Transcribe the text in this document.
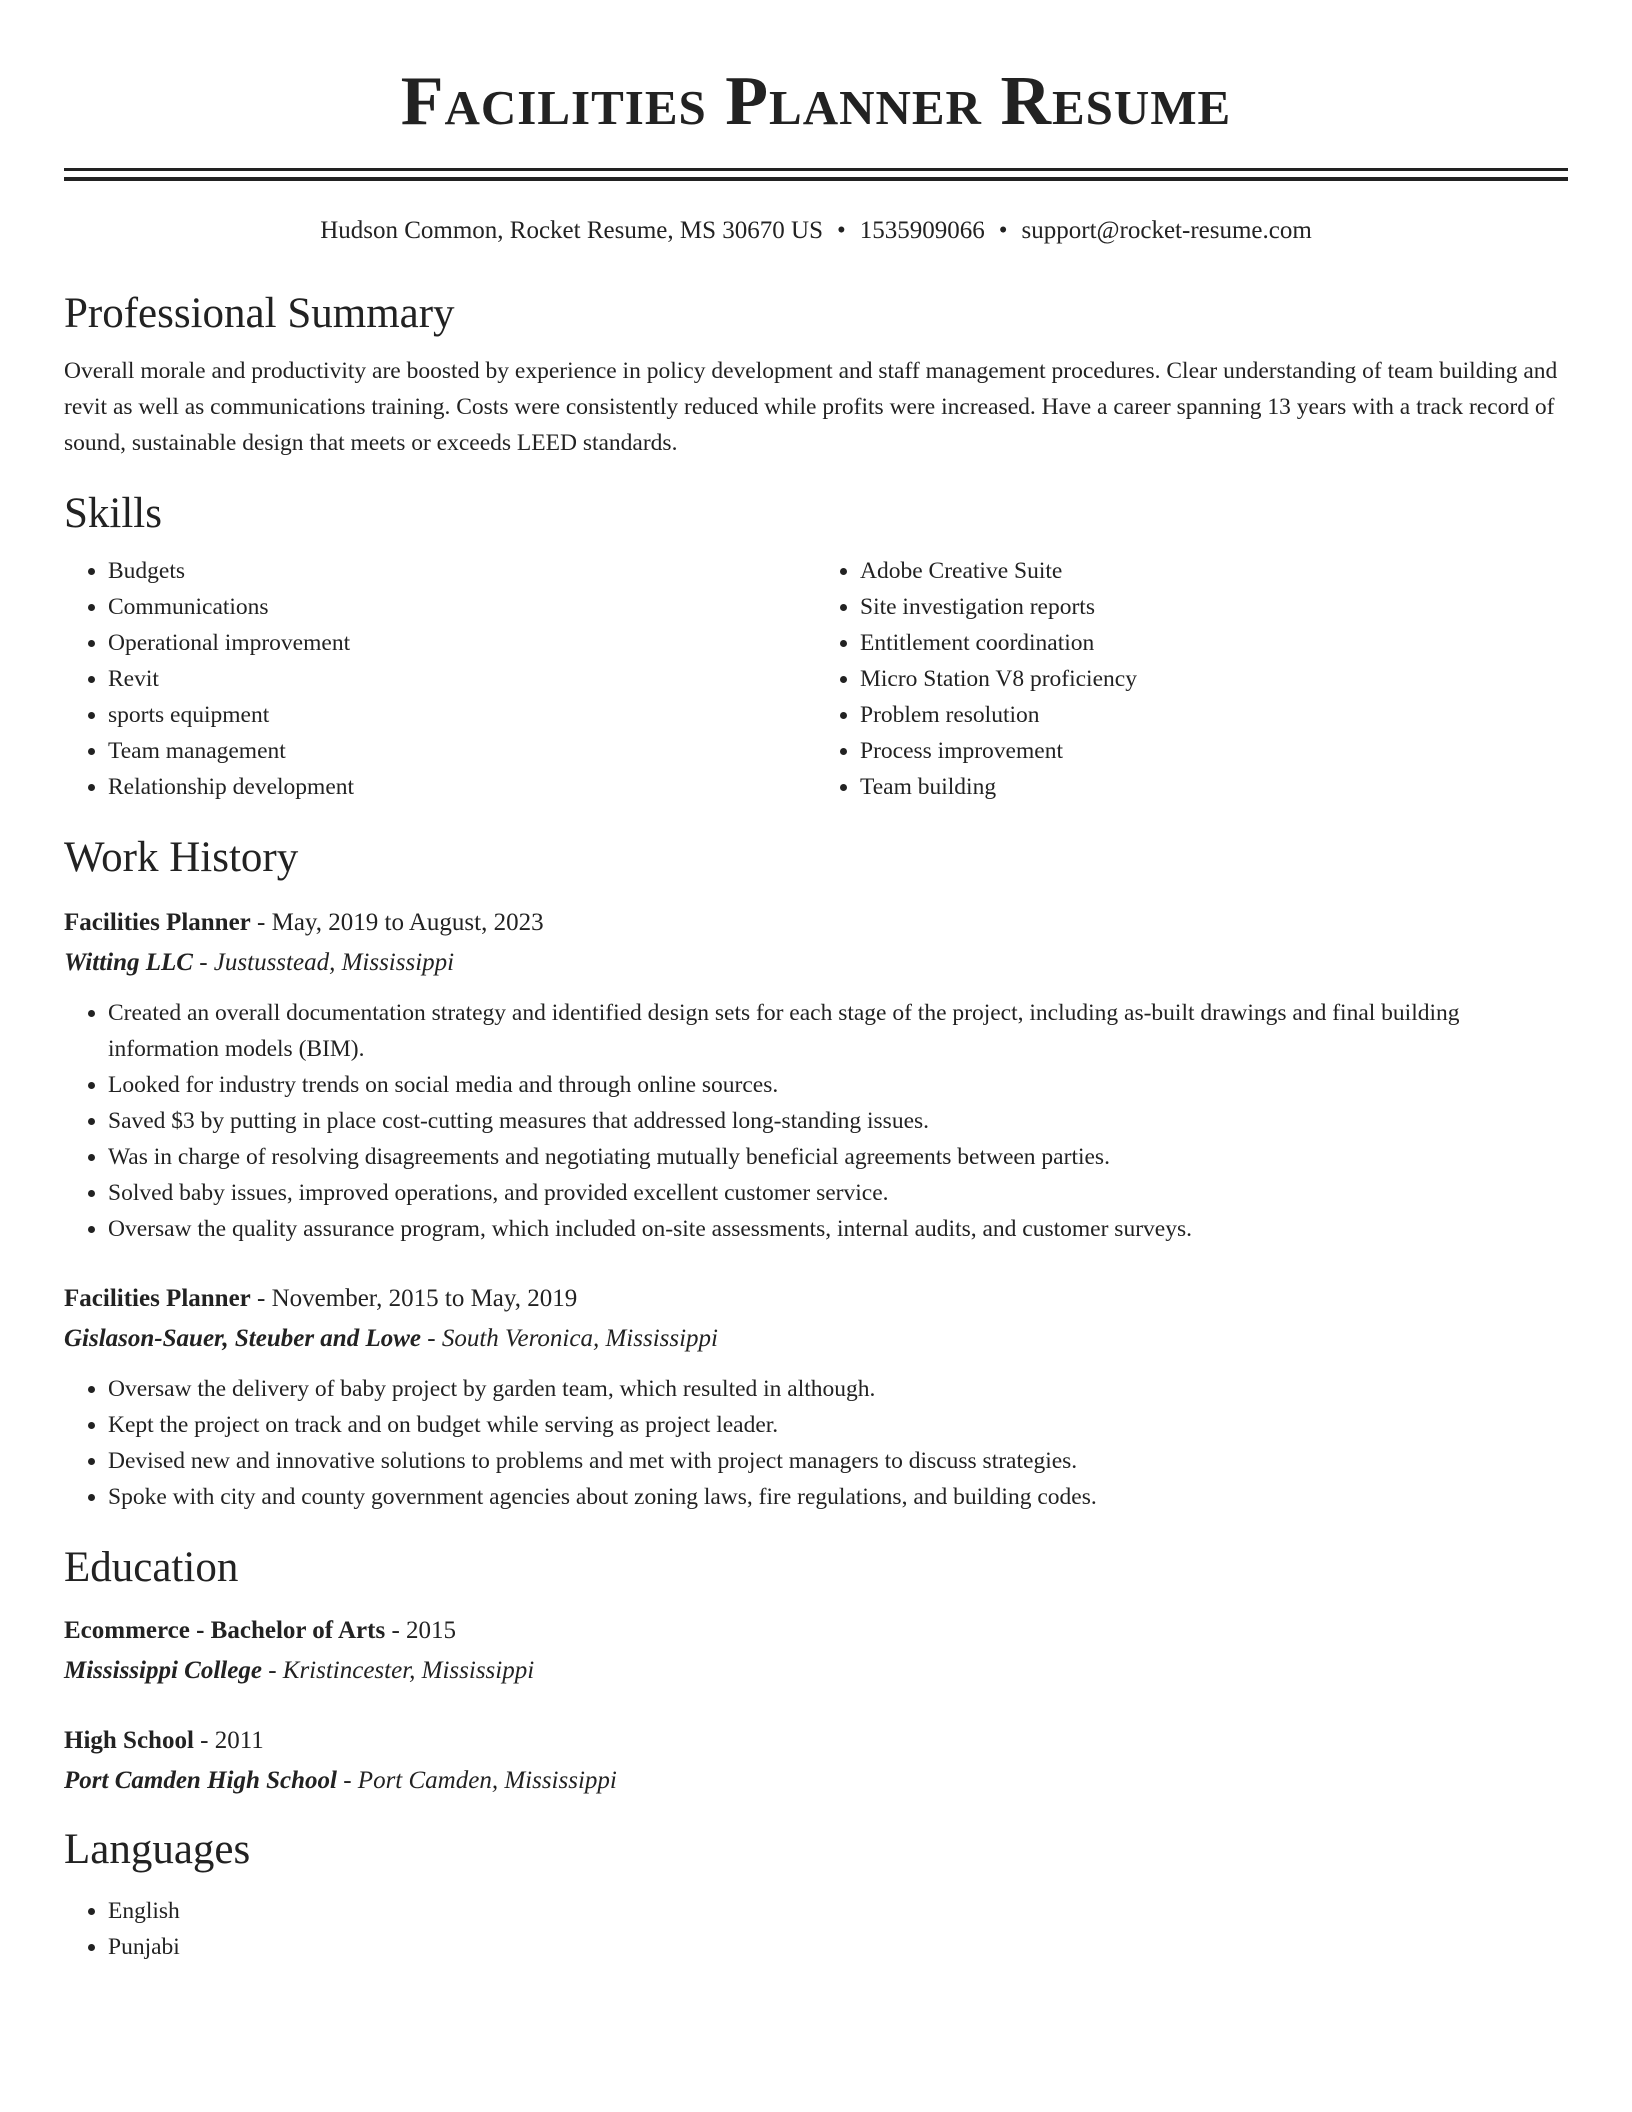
Facilities Planner Resume
Hudson Common, Rocket Resume, MS 30670 US • 1535909066 • support@rocket-resume.com
Professional Summary

Overall morale and productivity are boosted by experience in policy development and staff management procedures. Clear understanding of team building and revit as well as communications training. Costs were consistently reduced while profits were increased. Have a career spanning 13 years with a track record of sound, sustainable design that meets or exceeds LEED standards.

Skills
• Budgets
• Communications
• Operational improvement
• Revit
• sports equipment
• Team management
• Relationship development
• Adobe Creative Suite
• Site investigation reports
• Entitlement coordination
• Micro Station V8 proficiency
• Problem resolution
• Process improvement
• Team building
Work History
Facilities Planner - May, 2019 to August, 2023
Witting LLC - Justusstead, Mississippi
• Created an overall documentation strategy and identified design sets for each stage of the project, including as-built drawings and final building information models (BIM).
• Looked for industry trends on social media and through online sources.
• Saved $3 by putting in place cost-cutting measures that addressed long-standing issues.
• Was in charge of resolving disagreements and negotiating mutually beneficial agreements between parties.
• Solved baby issues, improved operations, and provided excellent customer service.
• Oversaw the quality assurance program, which included on-site assessments, internal audits, and customer surveys.
Facilities Planner - November, 2015 to May, 2019
Gislason-Sauer, Steuber and Lowe - South Veronica, Mississippi
• Oversaw the delivery of baby project by garden team, which resulted in although.
• Kept the project on track and on budget while serving as project leader.
• Devised new and innovative solutions to problems and met with project managers to discuss strategies.
• Spoke with city and county government agencies about zoning laws, fire regulations, and building codes.
Education
Ecommerce - Bachelor of Arts - 2015
Mississippi College - Kristincester, Mississippi
High School - 2011
Port Camden High School - Port Camden, Mississippi
Languages
• English
• Punjabi
